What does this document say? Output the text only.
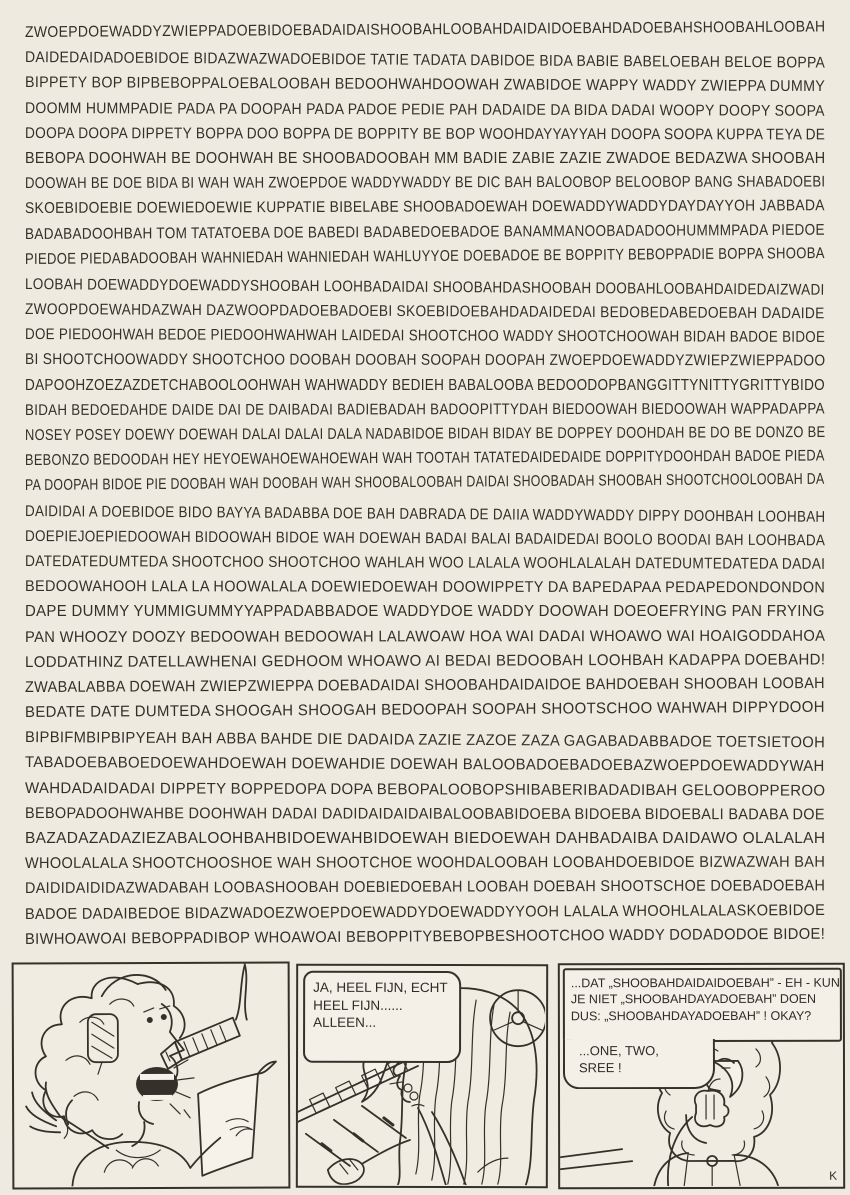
ZWOEPDOEWADDYZWIEPPADOEBIDOEBADAIDAISHOOBAHLOOBAHDAIDAIDOEBAHDADOEBAHSHOOBAHLOOBAH
DAIDEDAIDADOEBIDOE BIDAZWAZWADOEBIDOE TATIE TADATA DABIDOE BIDA BABIE BABELOEBAH BELOE BOPPA
BIPPETY BOP BIPBEBOPPALOEBALOOBAH BEDOOHWAHDOOWAH ZWABIDOE WAPPY WADDY ZWIEPPA DUMMY
DOOMM HUMMPADIE PADA PA DOOPAH PADA PADOE PEDIE PAH DADAIDE DA BIDA DADAI WOOPY DOOPY SOOPA
DOOPA DOOPA DIPPETY BOPPA DOO BOPPA DE BOPPITY BE BOP WOOHDAYYAYYAH DOOPA SOOPA KUPPA TEYA DE
BEBOPA DOOHWAH BE DOOHWAH BE SHOOBADOOBAH MM BADIE ZABIE ZAZIE ZWADOE BEDAZWA SHOOBAH
DOOWAH BE DOE BIDA BI WAH WAH ZWOEPDOE WADDYWADDY BE DIC BAH BALOOBOP BELOOBOP BANG SHABADOEBI
SKOEBIDOEBIE DOEWIEDOEWIE KUPPATIE BIBELABE SHOOBADOEWAH DOEWADDYWADDYDAYDAYYOH JABBADA
BADABADOOHBAH TOM TATATOEBA DOE BABEDI BADABEDOEBADOE BANAMMANOOBADADOOHUMMMPADA PIEDOE
PIEDOE PIEDABADOOBAH WAHNIEDAH WAHNIEDAH WAHLUYYOE DOEBADOE BE BOPPITY BEBOPPADIE BOPPA SHOOBA
LOOBAH DOEWADDYDOEWADDYSHOOBAH LOOHBADAIDAI SHOOBAHDASHOOBAH DOOBAHLOOBAHDAIDEDAIZWADI
ZWOOPDOEWAHDAZWAH DAZWOOPDADOEBADOEBI SKOEBIDOEBAHDADAIDEDAI BEDOBEDABEDOEBAH DADAIDE
DOE PIEDOOHWAH BEDOE PIEDOOHWAHWAH LAIDEDAI SHOOTCHOO WADDY SHOOTCHOOWAH BIDAH BADOE BIDOE
BI SHOOTCHOOWADDY SHOOTCHOO DOOBAH DOOBAH SOOPAH DOOPAH ZWOEPDOEWADDYZWIEPZWIEPPADOO
DAPOOHZOEZAZDETCHABOOLOOHWAH WAHWADDY BEDIEH BABALOOBA BEDOODOPBANGGITTYNITTYGRITTYBIDO
BIDAH BEDOEDAHDE DAIDE DAI DE DAIBADAI BADIEBADAH BADOOPITTYDAH BIEDOOWAH BIEDOOWAH WAPPADAPPA
NOSEY POSEY DOEWY DOEWAH DALAI DALAI DALA NADABIDOE BIDAH BIDAY BE DOPPEY DOOHDAH BE DO BE DONZO BE
BEBONZO BEDOODAH HEY HEYOEWAHOEWAHOEWAH WAH TOOTAH TATATEDAIDEDAIDE DOPPITYDOOHDAH BADOE PIEDA
PA DOOPAH BIDOE PIE DOOBAH WAH DOOBAH WAH SHOOBALOOBAH DAIDAI SHOOBADAH SHOOBAH SHOOTCHOOLOOBAH DA
DAIDIDAI A DOEBIDOE BIDO BAYYA BADABBA DOE BAH DABRADA DE DAIIA WADDYWADDY DIPPY DOOHBAH LOOHBAH
DOEPIEJOEPIEDOOWAH BIDOOWAH BIDOE WAH DOEWAH BADAI BALAI BADAIDEDAI BOOLO BOODAI BAH LOOHBADA
DATEDATEDUMTEDA SHOOTCHOO SHOOTCHOO WAHLAH WOO LALALA WOOHLALALAH DATEDUMTEDATEDA DADAI
BEDOOWAHOOH LALA LA HOOWALALA DOEWIEDOEWAH DOOWIPPETY DA BAPEDAPAA PEDAPEDONDONDON
DAPE DUMMY YUMMIGUMMYYAPPADABBADOE WADDYDOE WADDY DOOWAH DOEOEFRYING PAN FRYING
PAN WHOOZY DOOZY BEDOOWAH BEDOOWAH LALAWOAW HOA WAI DADAI WHOAWO WAI HOAIGODDAHOA
LODDATHINZ DATELLAWHENAI GEDHOOM WHOAWO AI BEDAI BEDOOBAH LOOHBAH KADAPPA DOEBAHD!
ZWABALABBA DOEWAH ZWIEPZWIEPPA DOEBADAIDAI SHOOBAHDAIDAIDOE BAHDOEBAH SHOOBAH LOOBAH
BEDATE DATE DUMTEDA SHOOGAH SHOOGAH BEDOOPAH SOOPAH SHOOTSCHOO WAHWAH DIPPYDOOH
BIPBIFMBIPBIPYEAH BAH ABBA BAHDE DIE DADAIDA ZAZIE ZAZOE ZAZA GAGABADABBADOE TOETSIETOOH
TABADOEBABOEDOEWAHDOEWAH DOEWAHDIE DOEWAH BALOOBADOEBADOEBAZWOEPDOEWADDYWAH
WAHDADAIDADAI DIPPETY BOPPEDOPA DOPA BEBOPALOOBOPSHIBABERIBADADIBAH GELOOBOPPEROO
BEBOPADOOHWAHBE DOOHWAH DADAI DADIDAIDAIDAIBALOOBABIDOEBA BIDOEBA BIDOEBALI BADABA DOE
BAZADAZADAZIEZABALOOHBAHBIDOEWAHBIDOEWAH BIEDOEWAH DAHBADAIBA DAIDAWO OLALALAH
WHOOLALALA SHOOTCHOOSHOE WAH SHOOTCHOE WOOHDALOOBAH LOOBAHDOEBIDOE BIZWAZWAH BAH
DAIDIDAIDIDAZWADABAH LOOBASHOOBAH DOEBIEDOEBAH LOOBAH DOEBAH SHOOTSCHOE DOEBADOEBAH
BADOE DADAIBEDOE BIDAZWADOEZWOEPDOEWADDYDOEWADDYYOOH LALALA WHOOHLALALASKOEBIDOE
BIWHOAWOAI BEBOPPADIBOP WHOAWOAI BEBOPPITYBEBOPBESHOOTCHOO WADDY DODADODOE BIDOE!
JA, HEEL FIJN, ECHT
HEEL FIJN......
ALLEEN...
...DAT „SHOOBAHDAIDAIDOEBAH” - EH - KUN
JE NIET „SHOOBAHDAYADOEBAH” DOEN
DUS: „SHOOBAHDAYADOEBAH” ! OKAY?
...ONE, TWO,
SREE !
K
